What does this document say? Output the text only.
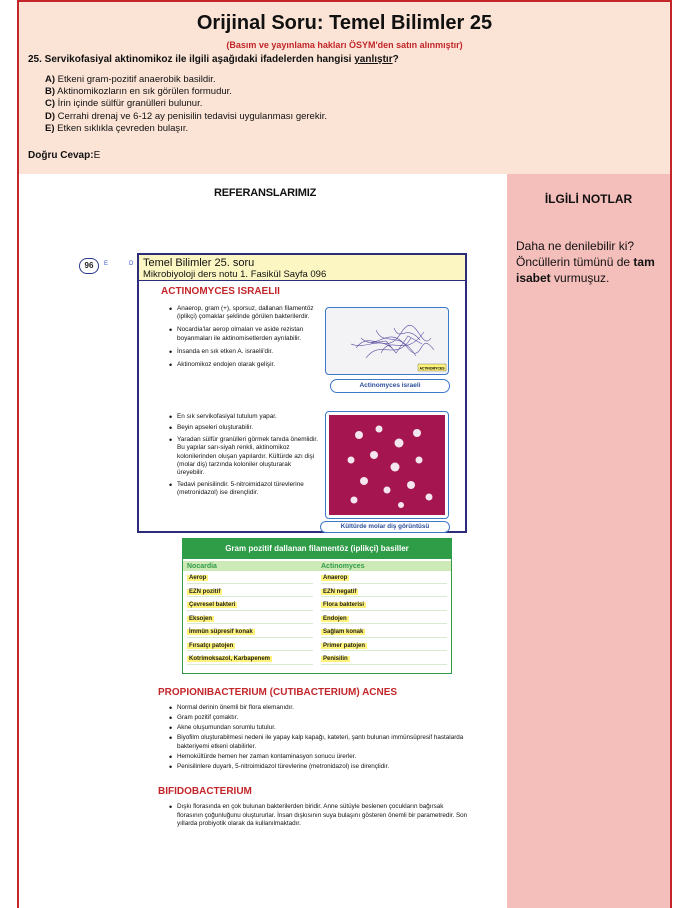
Orijinal Soru: Temel Bilimler 25
(Basım ve yayınlama hakları ÖSYM'den satın alınmıştır)
25. Servikofasiyal aktinomikoz ile ilgili aşağıdaki ifadelerden hangisi yanlıştır?
A) Etkeni gram-pozitif anaerobik basildir.
B) Aktinomikozların en sık görülen formudur.
C) İrin içinde sülfür granülleri bulunur.
D) Cerrahi drenaj ve 6-12 ay penisilin tedavisi uygulanması gerekir.
E) Etken sıklıkla çevreden bulaşır.
Doğru Cevap:E
REFERANSLARIMIZ
96	E	D Temel Bilimler 25. soru
Mikrobiyoloji ders notu 1. Fasikül Sayfa 096
ACTINOMYCES ISRAELII
• Anaerop, gram (+), sporsuz, dallanan filamentöz (iplikçi) çomaklar şeklinde görülen bakterilerdir.
• Nocardia'lar aerop olmaları ve aside rezistan boyanmaları ile aktinomisetlerden ayrılabilir.
• İnsanda en sık etken A. israelii'dir.
• Aktinomikoz endojen olarak gelişir.
• En sık servikofasiyal tutulum yapar.
• Beyin apseleri oluşturabilir.
• Yaradan sülfür granülleri görmek tanıda önemlidir. Bu yapılar sarı-siyah renkli, aktinomikoz kolonilerinden oluşan yapılardır. Kültürde azı dişi (molar diş) tarzında koloniler oluşturarak üreyebilir.
• Tedavi penisilindir. 5-nitroimidazol türevlerine (metronidazol) ise dirençlidir.
ACTINOMYCES
Actinomyces israeli
Kültürde molar diş görüntüsü
Gram pozitif dallanan filamentöz (iplikçi) basiller
Nocardia
Aerop
EZN pozitif
Çevresel bakteri
Eksojen
İmmün süpresif konak
Fırsatçı patojen
Kotrimoksazol, Karbapenem
Actinomyces
Anaerop
EZN negatif
Flora bakterisi
Endojen
Sağlam konak
Primer patojen
Penisilin
PROPIONIBACTERIUM (CUTIBACTERIUM) ACNES
• Normal derinin önemli bir flora elemanıdır.
• Gram pozitif çomaktır.
• Akne oluşumundan sorumlu tutulur.
• Biyofilm oluşturabilmesi nedeni ile yapay kalp kapağı, kateteri, şantı bulunan immünsüpresif hastalarda bakteriyemi etkeni olabilirler.
• Hemokültürde hemen her zaman kontaminasyon sonucu ürerler.
• Penisilinlere duyarlı, 5-nitroimidazol türevlerine (metronidazol) ise dirençlidir.
BIFIDOBACTERIUM
• Dışkı florasında en çok bulunan bakterilerden biridir. Anne sütüyle beslenen çocukların bağırsak florasının çoğunluğunu oluştururlar. İnsan dışkısının suya bulaşını gösteren önemli bir parametredir. Son yıllarda probiyotik olarak da kullanılmaktadır.
İLGİLİ NOTLAR
Daha ne denilebilir ki? Öncüllerin tümünü de tam isabet vurmuşuz.
